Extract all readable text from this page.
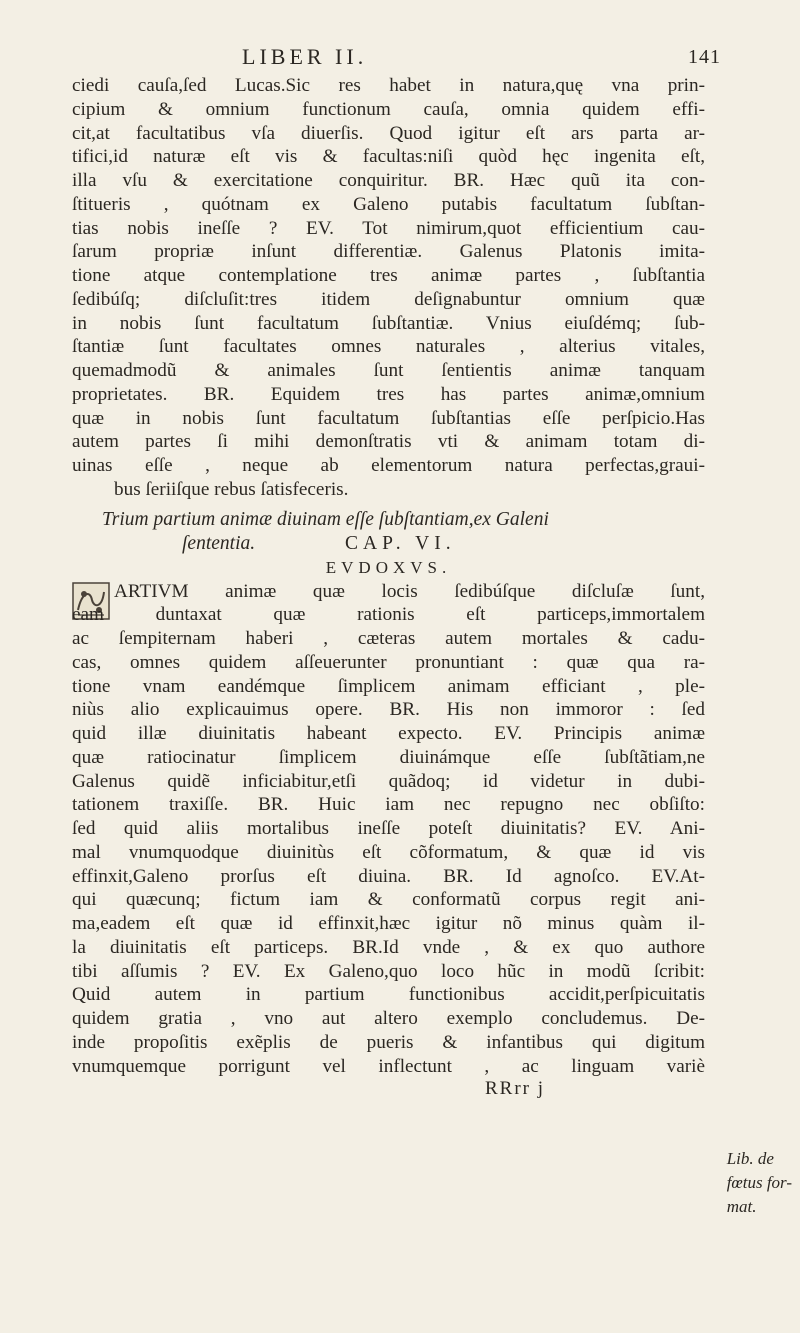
LIBER II.	141
ciedi cauſa,ſed Lucas.Sic res habet in natura,quę vna prin-
cipium & omnium functionum cauſa, omnia quidem effi-
cit,at facultatibus vſa diuerſis. Quod igitur eſt ars parta ar-
tifici,id naturæ eſt vis & facultas:niſi quòd hęc ingenita eſt,
illa vſu & exercitatione conquiritur. BR. Hæc quũ ita con-
ſtitueris , quótnam ex Galeno putabis facultatum ſubſtan-
tias nobis ineſſe ? EV. Tot nimirum,quot efficientium cau-
ſarum propriæ inſunt differentiæ. Galenus Platonis imita-
tione atque contemplatione tres animæ partes , ſubſtantia
ſedibúſq; diſcluſit:tres itidem deſignabuntur omnium quæ
in nobis ſunt facultatum ſubſtantiæ. Vnius eiuſdémq; ſub-
ſtantiæ ſunt facultates omnes naturales , alterius vitales,
quemadmodũ & animales ſunt ſentientis animæ tanquam
proprietates. BR. Equidem tres has partes animæ,omnium
quæ in nobis ſunt facultatum ſubſtantias eſſe perſpicio.Has
autem partes ſi mihi demonſtratis vti & animam totam di-
uinas eſſe , neque ab elementorum natura perfectas,graui-
bus ſeriiſque rebus ſatisfeceris.
Trium partium animæ diuinam eſſe ſubſtantiam,ex Galeni
ſententia.	CAP. VI.
EVDOXVS.
ARTIVM animæ quæ locis ſedibúſque diſcluſæ ſunt,
eam duntaxat quæ rationis eſt particeps,immortalem
ac ſempiternam haberi , cæteras autem mortales & cadu-
cas, omnes quidem aſſeuerunter pronuntiant : quæ qua ra-
tione vnam eandémque ſimplicem animam efficiant , ple-
niùs alio explicauimus opere. BR. His non immoror : ſed
quid illæ diuinitatis habeant expecto. EV. Principis animæ
quæ ratiocinatur ſimplicem diuinámque eſſe ſubſtãtiam,ne
Galenus quidẽ inficiabitur,etſi quãdoq; id videtur in dubi-
tationem traxiſſe. BR. Huic iam nec repugno nec obſiſto:
ſed quid aliis mortalibus ineſſe poteſt diuinitatis? EV. Ani-
mal vnumquodque diuinitùs eſt cõformatum, & quæ id vis
effinxit,Galeno prorſus eſt diuina. BR. Id agnoſco. EV.At-
qui quæcunq; fictum iam & conformatũ corpus regit ani-
ma,eadem eſt quæ id effinxit,hæc igitur nõ minus quàm il-
la diuinitatis eſt particeps. BR.Id vnde , & ex quo authore
tibi aſſumis ? EV. Ex Galeno,quo loco hũc in modũ ſcribit:
Quid autem in partium functionibus accidit,perſpicuitatis
quidem gratia , vno aut altero exemplo concludemus. De-
inde propoſitis exẽplis de pueris & infantibus qui digitum
vnumquemque porrigunt vel inflectunt , ac linguam variè
Lib. de
fœtus for-
mat.
RRrr j
